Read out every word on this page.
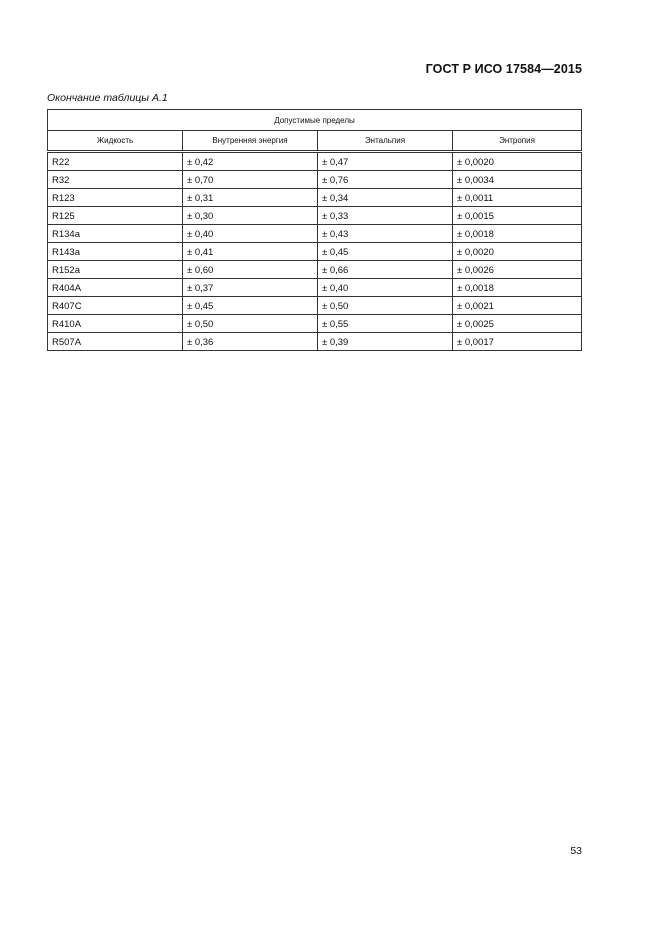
ГОСТ Р ИСО 17584—2015
Окончание таблицы А.1
Допустимые пределы			
Жидкость	Внутренняя энергия	Энтальпия	Энтропия
R22	± 0,42	± 0,47	± 0,0020
R32	± 0,70	± 0,76	± 0,0034
R123	± 0,31	± 0,34	± 0,0011
R125	± 0,30	± 0,33	± 0,0015
R134a	± 0,40	± 0,43	± 0,0018
R143a	± 0,41	± 0,45	± 0,0020
R152a	± 0,60	± 0,66	± 0,0026
R404A	± 0,37	± 0,40	± 0,0018
R407C	± 0,45	± 0,50	± 0,0021
R410A	± 0,50	± 0,55	± 0,0025
R507A	± 0,36	± 0,39	± 0,0017
53
